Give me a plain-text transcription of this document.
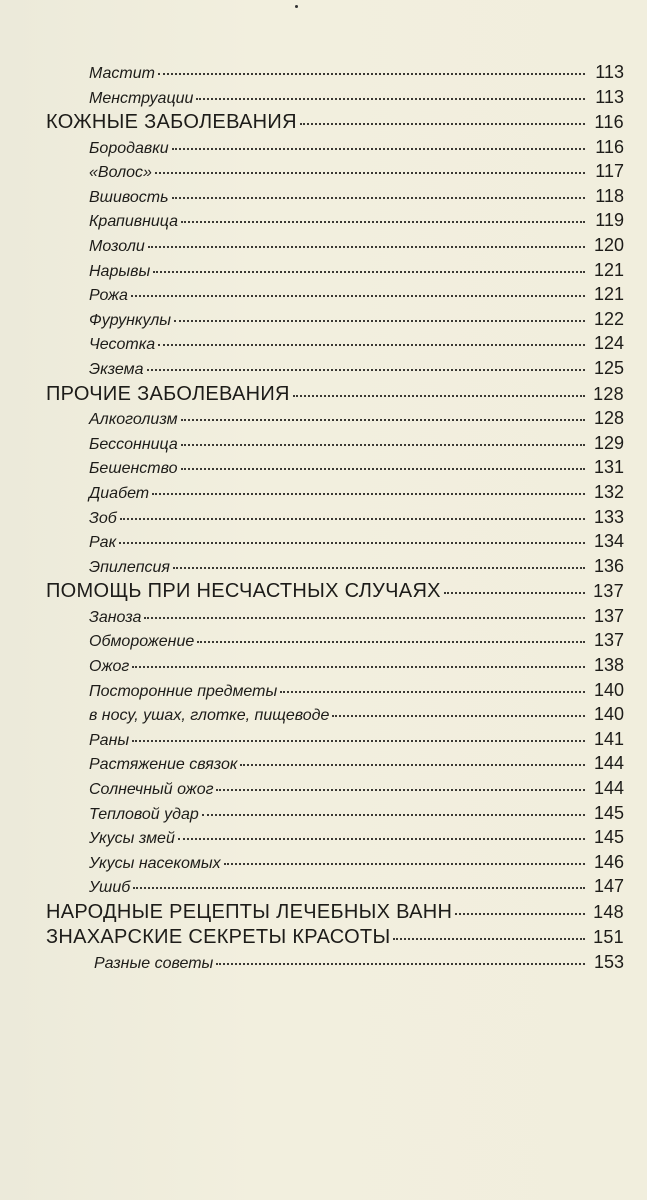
Мастит	113
Менструации	113
КОЖНЫЕ ЗАБОЛЕВАНИЯ	116
Бородавки	116
«Волос»	117
Вшивость	118
Крапивница	119
Мозоли	120
Нарывы	121
Рожа	121
Фурункулы	122
Чесотка	124
Экзема	125
ПРОЧИЕ ЗАБОЛЕВАНИЯ	128
Алкоголизм	128
Бессонница	129
Бешенство	131
Диабет	132
Зоб	133
Рак	134
Эпилепсия	136
ПОМОЩЬ ПРИ НЕСЧАСТНЫХ СЛУЧАЯХ	137
Заноза	137
Обморожение	137
Ожог	138
Посторонние предметы	140
в носу, ушах, глотке, пищеводе	140
Раны	141
Растяжение связок	144
Солнечный ожог	144
Тепловой удар	145
Укусы змей	145
Укусы насекомых	146
Ушиб	147
НАРОДНЫЕ РЕЦЕПТЫ ЛЕЧЕБНЫХ ВАНН	148
ЗНАХАРСКИЕ СЕКРЕТЫ КРАСОТЫ	151
Разные советы	153
